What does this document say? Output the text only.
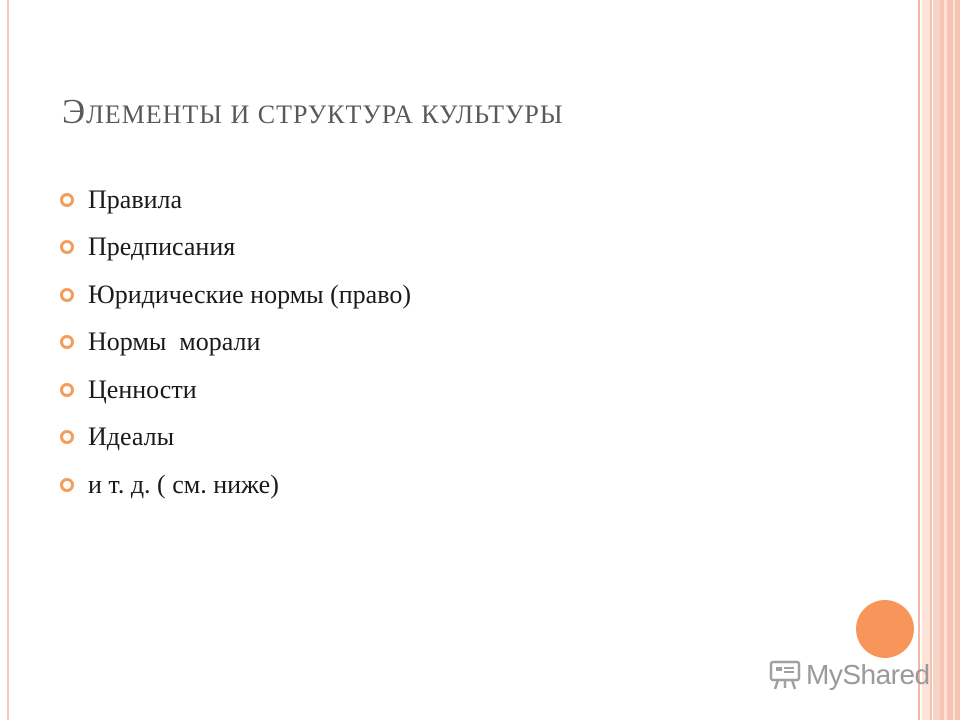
ЭЛЕМЕНТЫ И СТРУКТУРА КУЛЬТУРЫ
Правила
Предписания
Юридические нормы (право)
Нормы  морали
Ценности
Идеалы
и т. д. ( см. ниже)
MyShared
